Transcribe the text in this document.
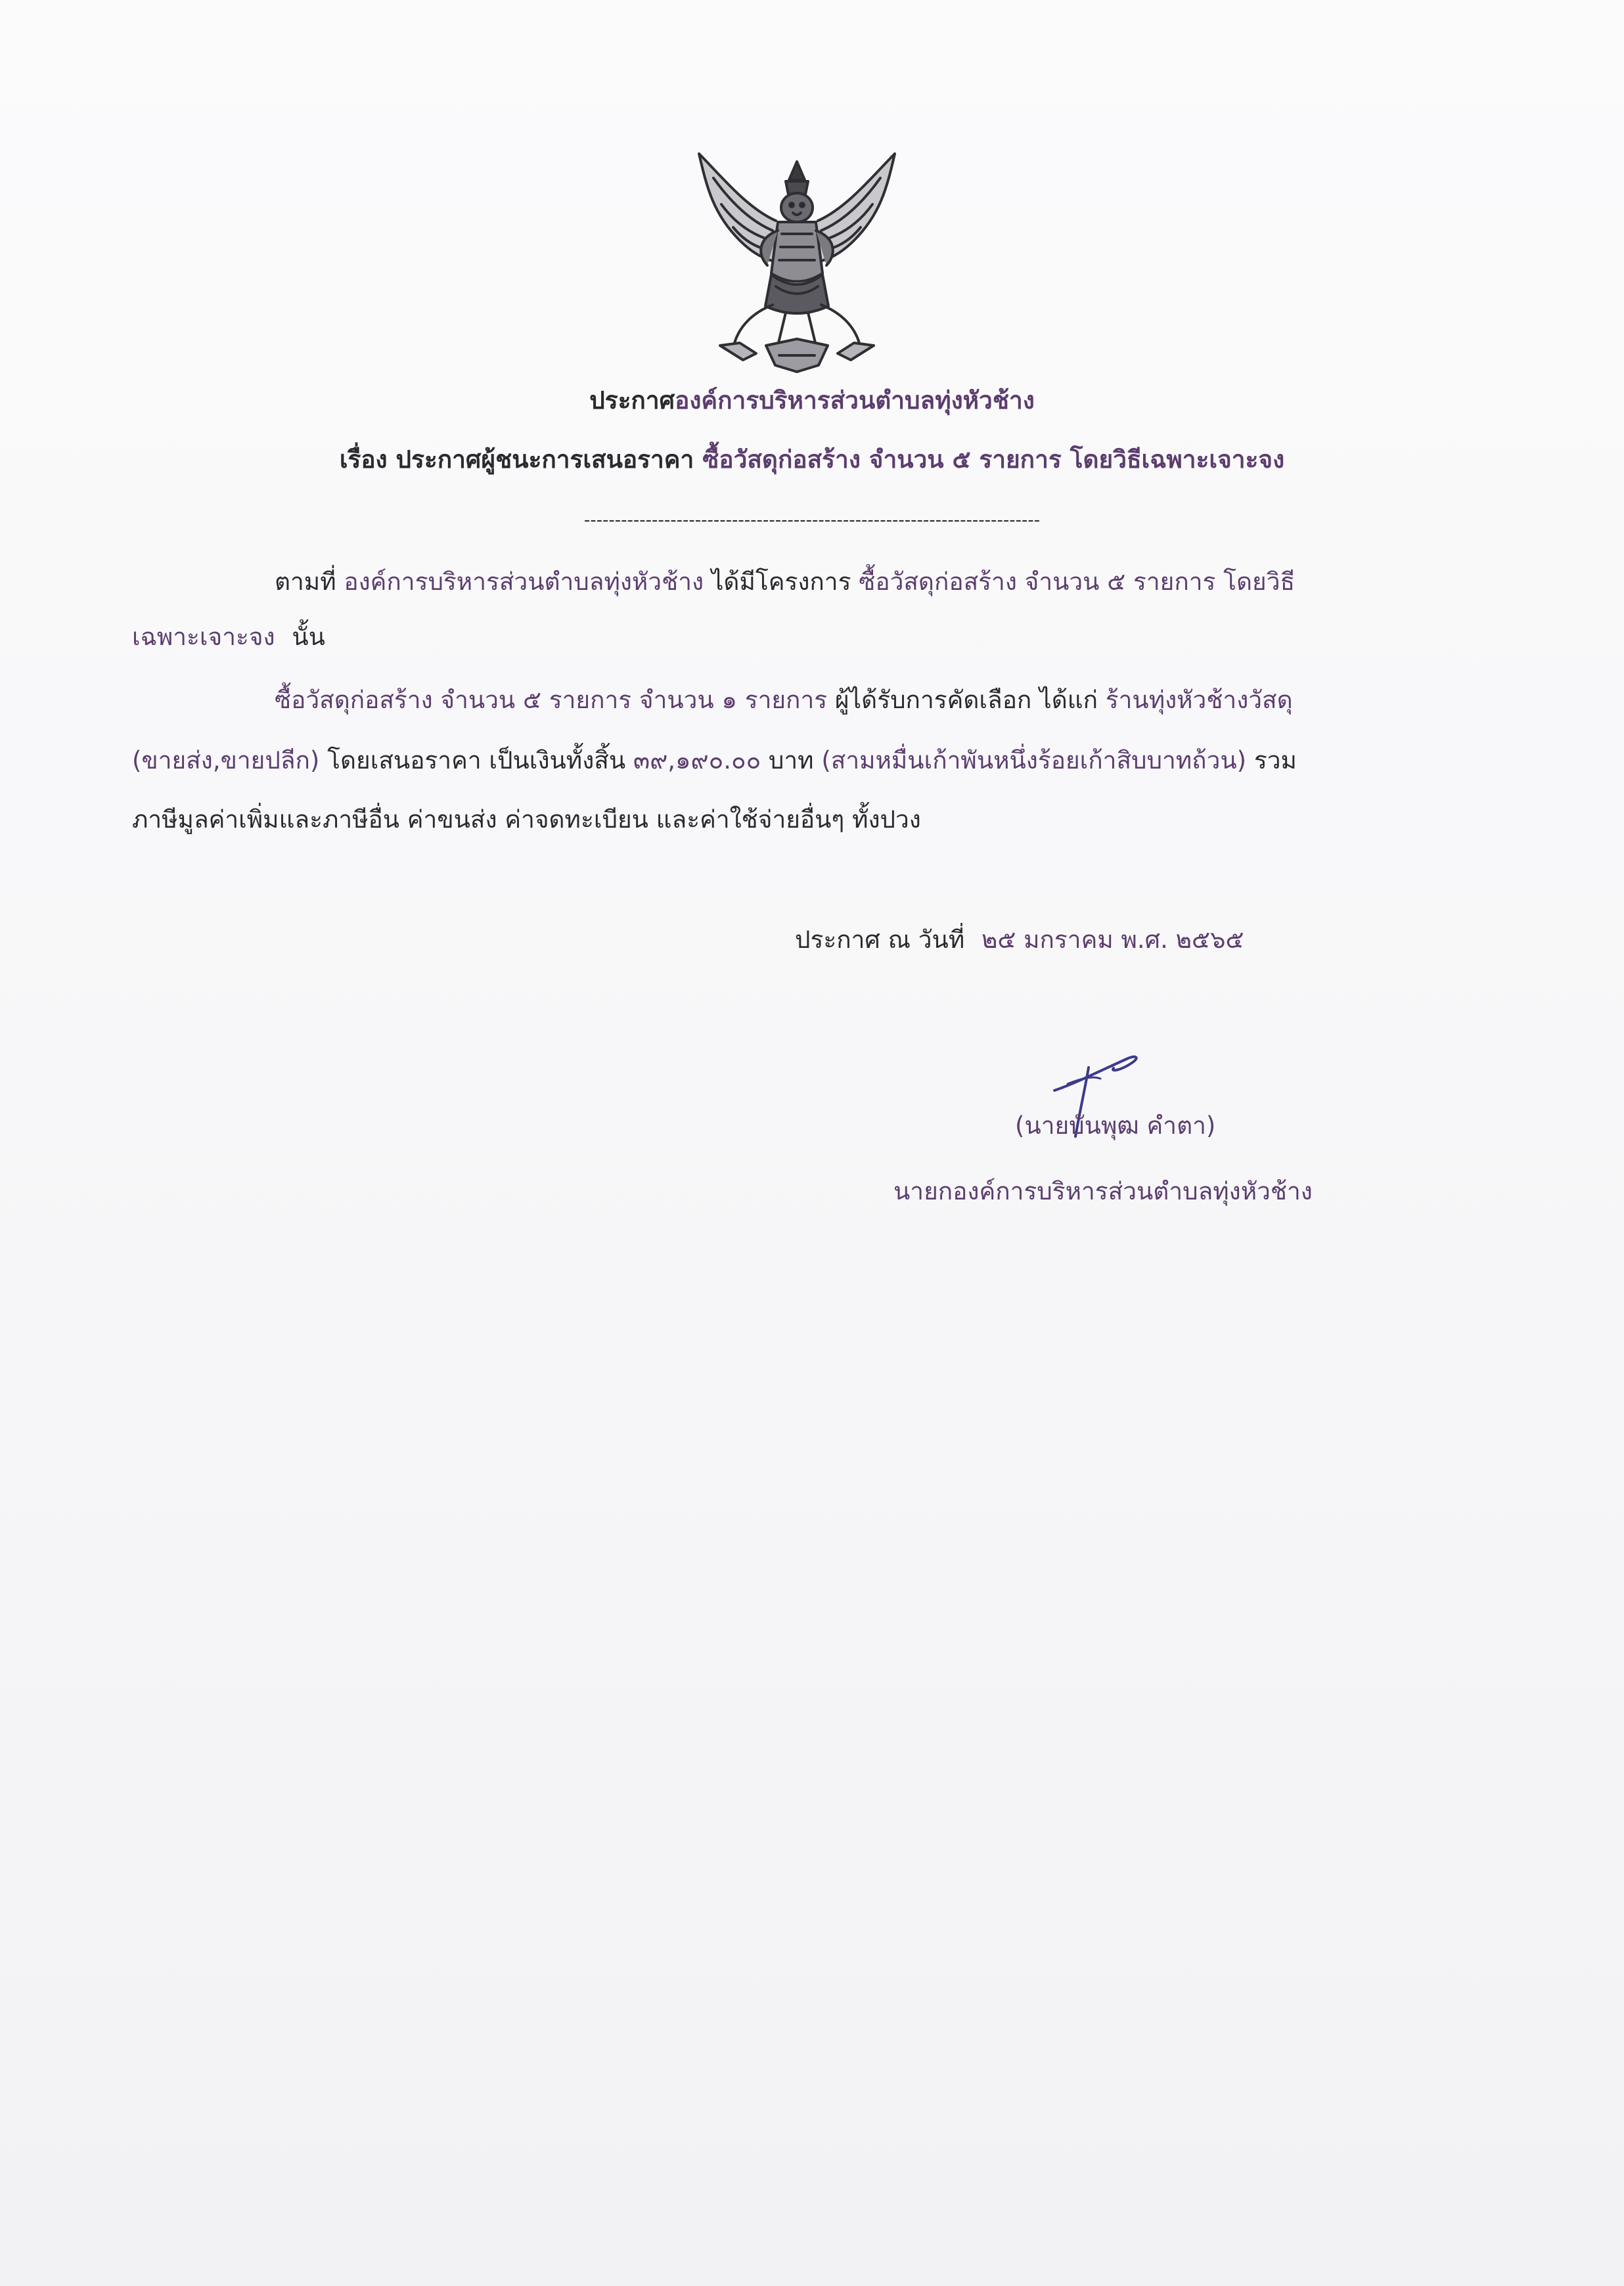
ประกาศองค์การบริหารส่วนตำบลทุ่งหัวช้าง
เรื่อง ประกาศผู้ชนะการเสนอราคา ซื้อวัสดุก่อสร้าง จำนวน ๕ รายการ โดยวิธีเฉพาะเจาะจง
--------------------------------------------------------------------------
ตามที่ องค์การบริหารส่วนตำบลทุ่งหัวช้าง ได้มีโครงการ ซื้อวัสดุก่อสร้าง จำนวน ๕ รายการ โดยวิธี
เฉพาะเจาะจง นั้น
ซื้อวัสดุก่อสร้าง จำนวน ๕ รายการ จำนวน ๑ รายการ ผู้ได้รับการคัดเลือก ได้แก่ ร้านทุ่งหัวช้างวัสดุ
(ขายส่ง,ขายปลีก) โดยเสนอราคา เป็นเงินทั้งสิ้น ๓๙,๑๙๐.๐๐ บาท (สามหมื่นเก้าพันหนึ่งร้อยเก้าสิบบาทถ้วน) รวม
ภาษีมูลค่าเพิ่มและภาษีอื่น ค่าขนส่ง ค่าจดทะเบียน และค่าใช้จ่ายอื่นๆ ทั้งปวง
ประกาศ ณ วันที่ ๒๕ มกราคม พ.ศ. ๒๕๖๕
(นายบันพุฒ คำตา)
นายกองค์การบริหารส่วนตำบลทุ่งหัวช้าง
